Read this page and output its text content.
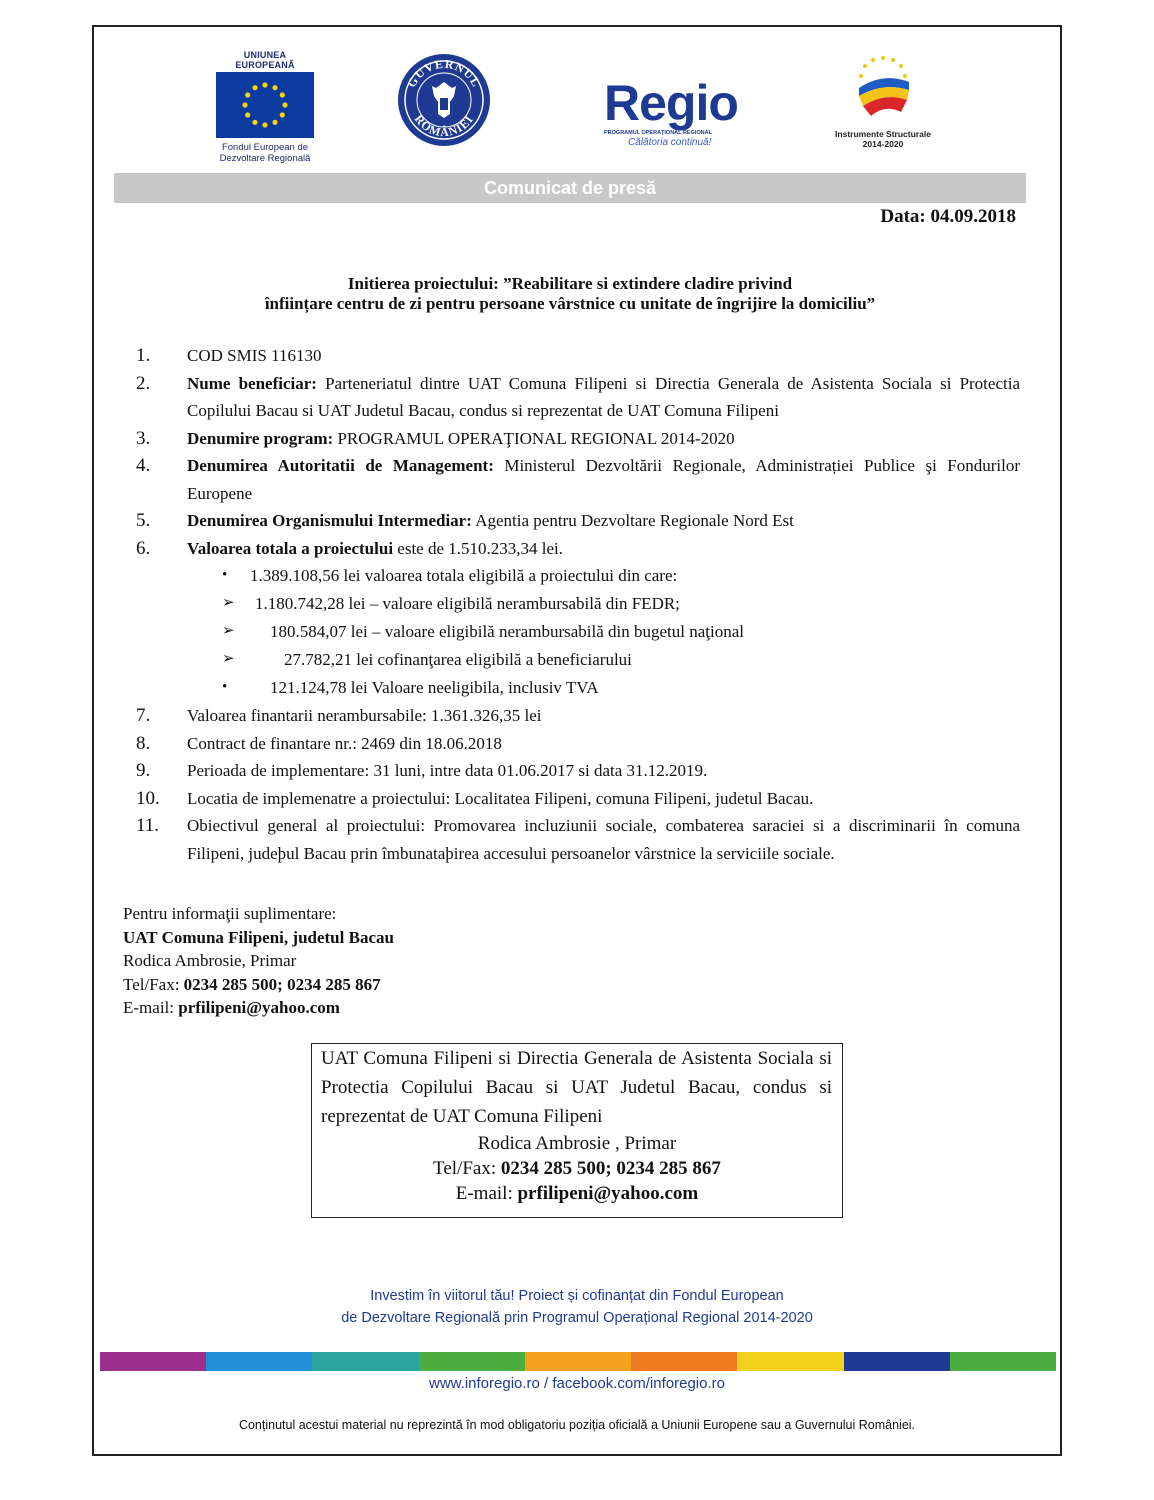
UNIUNEA EUROPEANĂ
Fondul European de
Dezvoltare Regională
GUVERNUL
ROMÂNIEI	Regio
PROGRAMUL OPERAȚIONAL REGIONAL
Călătoria continuă!
Instrumente Structurale
2014-2020
Comunicat de presă
Data: 04.09.2018
Initierea proiectului: ”Reabilitare si extindere cladire privind
înființare centru de zi pentru persoane vârstnice cu unitate de îngrijire la domiciliu”
1.	COD SMIS 116130
2.	Nume beneficiar: Parteneriatul dintre UAT Comuna Filipeni si Directia Generala de Asistenta Sociala si Protectia Copilului Bacau si UAT Judetul Bacau, condus si reprezentat de UAT Comuna Filipeni
3.	Denumire program: PROGRAMUL OPERAŢIONAL REGIONAL 2014-2020
4.	Denumirea Autoritatii de Management: Ministerul Dezvoltării Regionale, Administrației Publice şi Fondurilor Europene
5.	Denumirea Organismului Intermediar: Agentia pentru Dezvoltare Regionale Nord Est
6.	Valoarea totala a proiectului este de 1.510.233,34 lei.
• 1.389.108,56 lei valoarea totala eligibilă a proiectului din care:
➢ 1.180.742,28 lei – valoare eligibilă nerambursabilă din FEDR;
➢ 180.584,07 lei – valoare eligibilă nerambursabilă din bugetul naţional
➢	27.782,21 lei cofinanţarea eligibilă a beneficiarului
•	121.124,78 lei Valoare neeligibila, inclusiv TVA
7.	Valoarea finantarii nerambursabile: 1.361.326,35 lei
8.	Contract de finantare nr.: 2469 din 18.06.2018
9.	Perioada de implementare: 31 luni, intre data 01.06.2017 si data 31.12.2019.
10.	Locatia de implemenatre a proiectului: Localitatea Filipeni, comuna Filipeni, judetul Bacau.
11.	Obiectivul general al proiectului: Promovarea incluziunii sociale, combaterea saraciei si a discriminarii în comuna Filipeni, judeþul Bacau prin îmbunataþirea accesului persoanelor vârstnice la serviciile sociale.
Pentru informaţii suplimentare:
UAT Comuna Filipeni, judetul Bacau
Rodica Ambrosie, Primar
Tel/Fax: 0234 285 500; 0234 285 867
E-mail: prfilipeni@yahoo.com
UAT Comuna Filipeni si Directia Generala de Asistenta Sociala si Protectia Copilului Bacau si UAT Judetul Bacau, condus si reprezentat de UAT Comuna Filipeni
Rodica Ambrosie , Primar
Tel/Fax: 0234 285 500; 0234 285 867
E-mail: prfilipeni@yahoo.com
Investim în viitorul tău! Proiect și cofinanțat din Fondul European
de Dezvoltare Regională prin Programul Operațional Regional 2014-2020
www.inforegio.ro / facebook.com/inforegio.ro
Conținutul acestui material nu reprezintă în mod obligatoriu poziția oficială a Uniunii Europene sau a Guvernului României.
